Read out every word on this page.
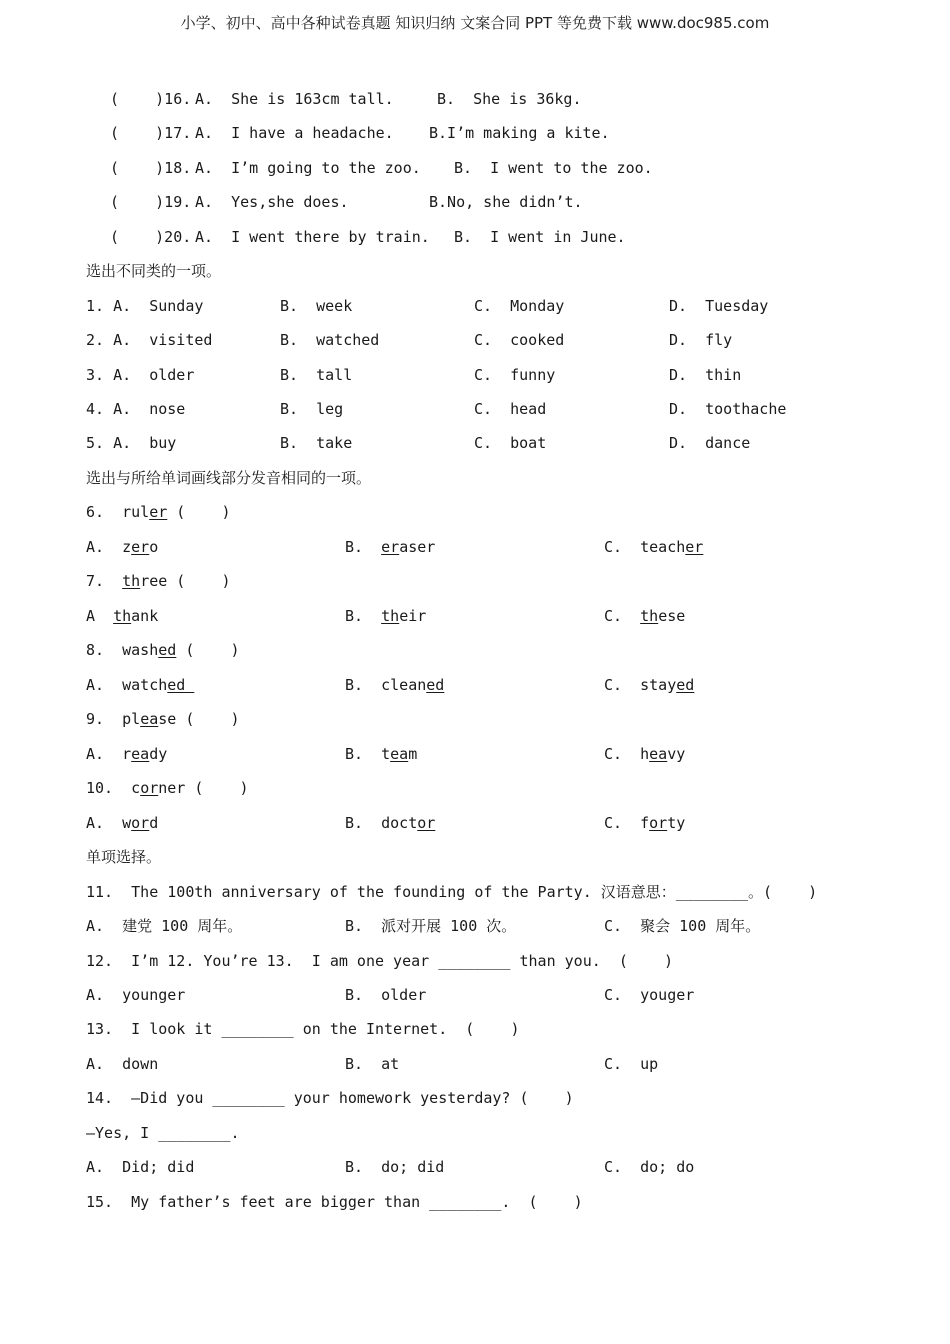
小学、初中、高中各种试卷真题 知识归纳 文案合同 PPT 等免费下载 www.doc985.com
(    )16. A.  She is 163cm tall.	B.  She is 36kg.
(    )17. A.  I have a headache. B.I’m making a kite.
(    )18. A.  I’m going to the zoo. B.  I went to the zoo.
(    )19. A.  Yes,she does.	B.No, she didn’t.
(    )20. A.  I went there by train. B.  I went in June.
选出不同类的一项。
1. A.  Sunday	B.  week	C.  Monday	D.  Tuesday
2. A.  visited	B.  watched	C.  cooked	D.  fly
3. A.  older	B.  tall	C.  funny	D.  thin
4. A.  nose	B.  leg	C.  head	D.  toothache
5. A.  buy	B.  take	C.  boat	D.  dance
选出与所给单词画线部分发音相同的一项。
6.  ruler (    )
A.  zero	B.  eraser	C.  teacher
7.  three (    )
A  thank	B.  their	C.  these
8.  washed (    )
A.  watched	B.  cleaned	C.  stayed
9.  please (    )
A.  ready	B.  team	C.  heavy
10.  corner (    )
A.  word	B.  doctor	C.  forty
单项选择。
11.  The 100th anniversary of the founding of the Party. 汉语意思：________。(    )
A.  建党 100 周年。	B.  派对开展 100 次。	C.  聚会 100 周年。
12.  I’m 12. You’re 13.  I am one year ________ than you.  (    )
A.  younger	B.  older	C.  youger
13.  I look it ________ on the Internet.  (    )
A.  down	B.  at	C.  up
14.  —Did you ________ your homework yesterday? (    )
—Yes, I ________.
A.  Did; did	B.  do; did	C.  do; do
15.  My father’s feet are bigger than ________.  (    )
